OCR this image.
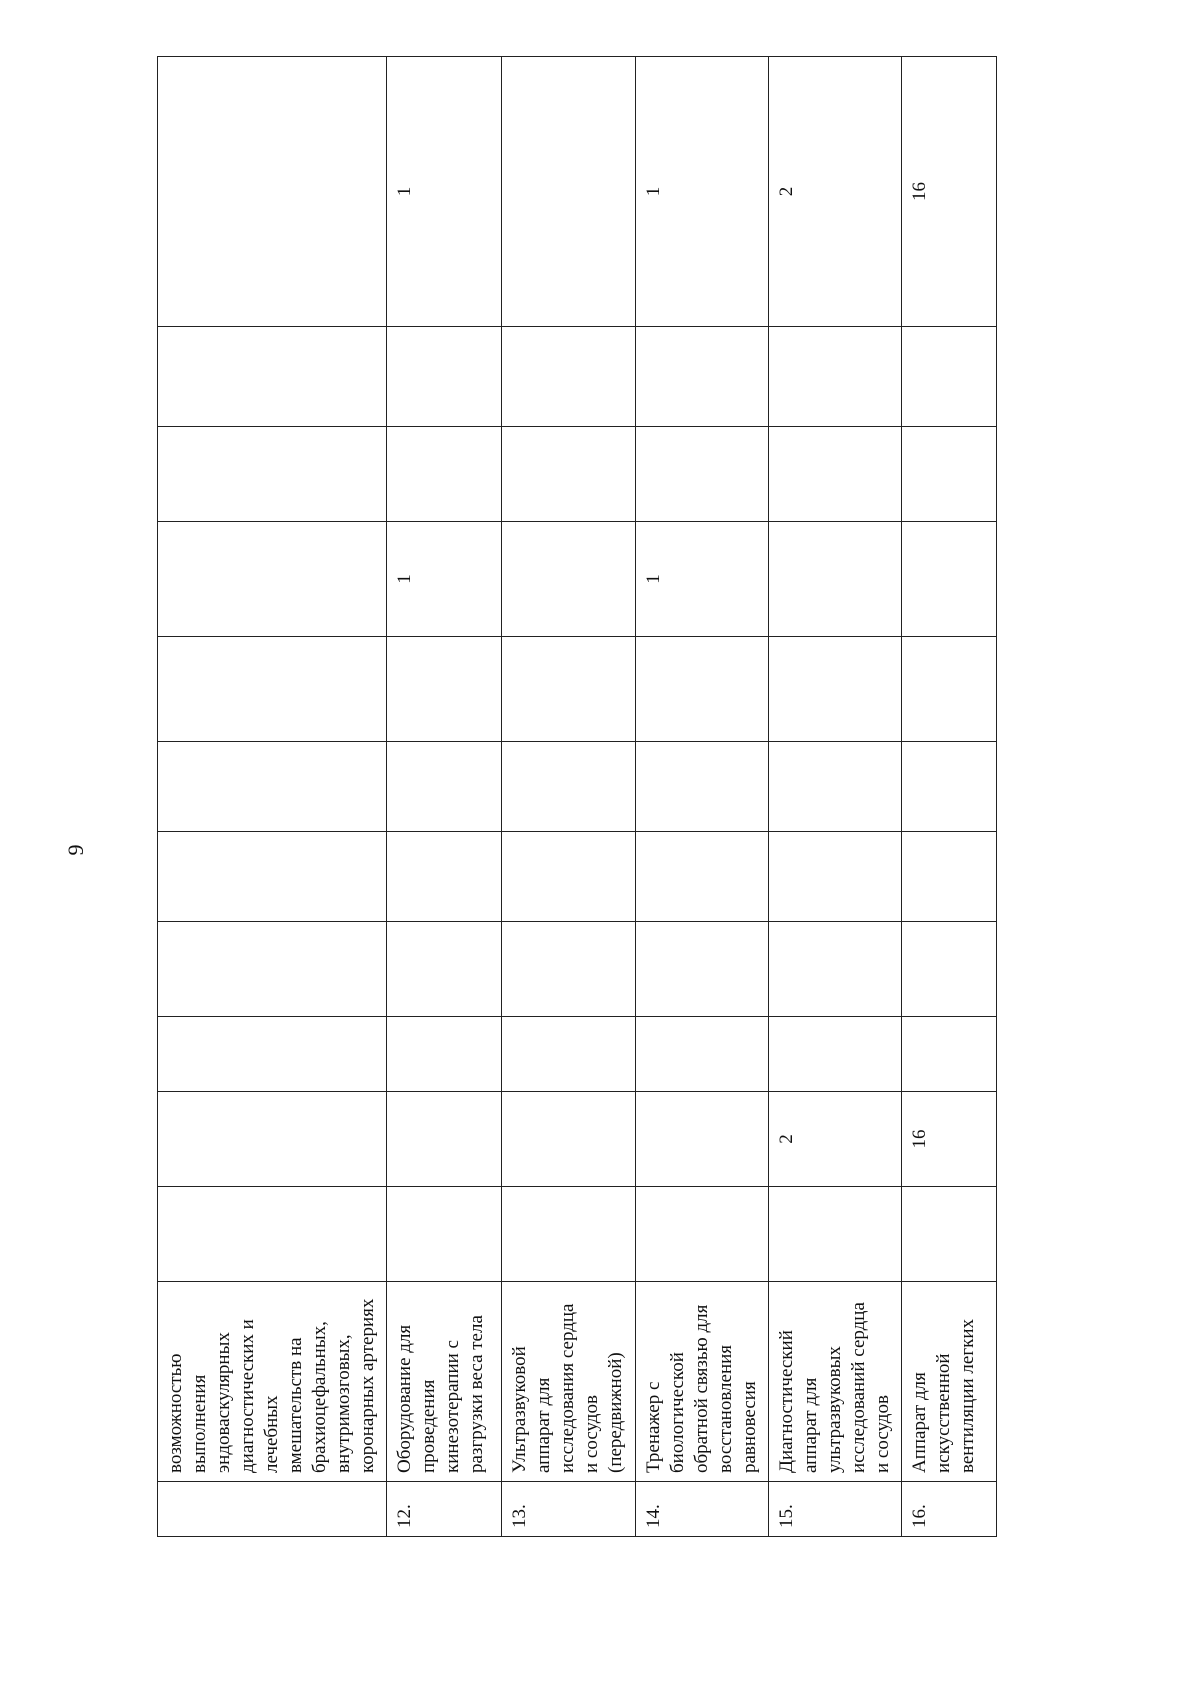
9
	возможностью выполнения эндоваскулярных диагностических и лечебных вмешательств на брахиоцефальных, внутримозговых, коронарных артериях											
12.	Оборудование для проведения кинезотерапии с разгрузки веса тела								1			1
13.	Ультразвуковой аппарат для исследования сердца и сосудов (передвижной)											
14.	Тренажер с биологической обратной связью для восстановления равновесия								1			1
15.	Диагностический аппарат для ультразвуковых исследований сердца и сосудов		2									2
16.	Аппарат для искусственной вентиляции легких		16									16
